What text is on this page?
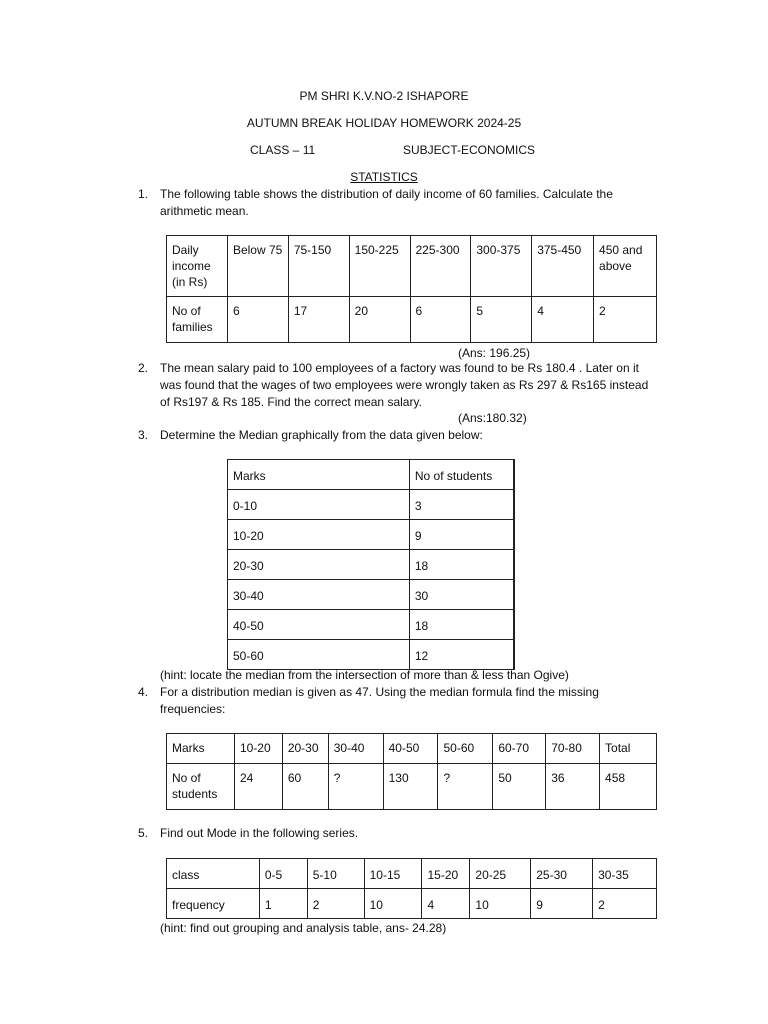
PM SHRI K.V.NO-2 ISHAPORE
AUTUMN BREAK HOLIDAY HOMEWORK 2024-25
CLASS – 11	SUBJECT-ECONOMICS
STATISTICS
1. The following table shows the distribution of daily income of 60 families. Calculate the
arithmetic mean.
Daily income (in Rs)	Below 75	75-150	150-225	225-300	300-375	375-450	450 and above
No of families	6	17	20	6	5	4	2
(Ans: 196.25)
2. The mean salary paid to 100 employees of a factory was found to be Rs 180.4 . Later on it
was found that the wages of two employees were wrongly taken as Rs 297 & Rs165 instead
of Rs197 & Rs 185. Find the correct mean salary.
(Ans:180.32)
3. Determine the Median graphically from the data given below:
Marks	No of students
0-10	3
10-20	9
20-30	18
30-40	30
40-50	18
50-60	12
(hint: locate the median from the intersection of more than & less than Ogive)
4. For a distribution median is given as 47. Using the median formula find the missing
frequencies:
Marks	10-20	20-30	30-40	40-50	50-60	60-70	70-80	Total
No of students	24	60	?	130	?	50	36	458
5. Find out Mode in the following series.
class	0-5	5-10	10-15	15-20	20-25	25-30	30-35
frequency	1	2	10	4	10	9	2
(hint: find out grouping and analysis table, ans- 24.28)
